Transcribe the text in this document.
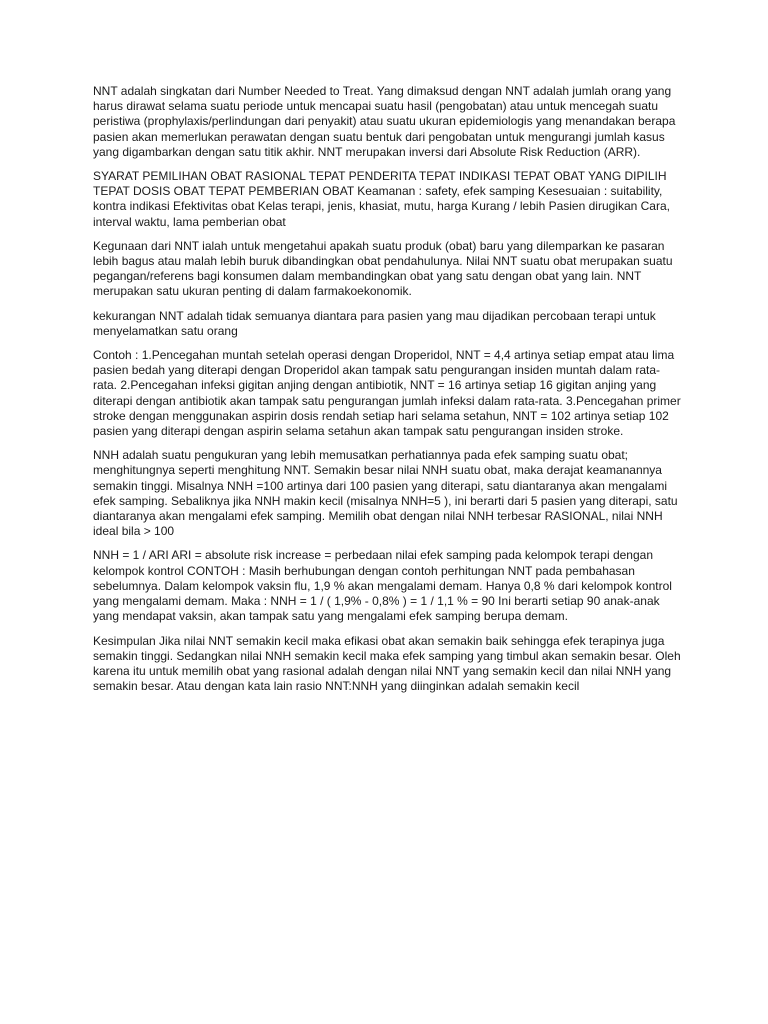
NNT adalah singkatan dari Number Needed to Treat. Yang dimaksud dengan NNT adalah jumlah orang yang harus dirawat selama suatu periode untuk mencapai suatu hasil (pengobatan) atau untuk mencegah suatu peristiwa (prophylaxis/perlindungan dari penyakit) atau suatu ukuran epidemiologis yang menandakan berapa pasien akan memerlukan perawatan dengan suatu bentuk dari pengobatan untuk mengurangi jumlah kasus yang digambarkan dengan satu titik akhir. NNT merupakan inversi dari Absolute Risk Reduction (ARR).

SYARAT PEMILIHAN OBAT RASIONAL TEPAT PENDERITA TEPAT INDIKASI TEPAT OBAT YANG DIPILIH TEPAT DOSIS OBAT TEPAT PEMBERIAN OBAT Keamanan : safety, efek samping Kesesuaian : suitability, kontra indikasi Efektivitas obat Kelas terapi, jenis, khasiat, mutu, harga Kurang / lebih Pasien dirugikan Cara, interval waktu, lama pemberian obat

Kegunaan dari NNT ialah untuk mengetahui apakah suatu produk (obat) baru yang dilemparkan ke pasaran lebih bagus atau malah lebih buruk dibandingkan obat pendahulunya. Nilai NNT suatu obat merupakan suatu pegangan/referens bagi konsumen dalam membandingkan obat yang satu dengan obat yang lain. NNT merupakan satu ukuran penting di dalam farmakoekonomik.

kekurangan NNT adalah tidak semuanya diantara para pasien yang mau dijadikan percobaan terapi untuk menyelamatkan satu orang

Contoh : 1.Pencegahan muntah setelah operasi dengan Droperidol, NNT = 4,4 artinya setiap empat atau lima pasien bedah yang diterapi dengan Droperidol akan tampak satu pengurangan insiden muntah dalam rata-rata. 2.Pencegahan infeksi gigitan anjing dengan antibiotik, NNT = 16 artinya setiap 16 gigitan anjing yang diterapi dengan antibiotik akan tampak satu pengurangan jumlah infeksi dalam rata-rata. 3.Pencegahan primer stroke dengan menggunakan aspirin dosis rendah setiap hari selama setahun, NNT = 102 artinya setiap 102 pasien yang diterapi dengan aspirin selama setahun akan tampak satu pengurangan insiden stroke.

NNH adalah suatu pengukuran yang lebih memusatkan perhatiannya pada efek samping suatu obat; menghitungnya seperti menghitung NNT. Semakin besar nilai NNH suatu obat, maka derajat keamanannya semakin tinggi. Misalnya NNH =100 artinya dari 100 pasien yang diterapi, satu diantaranya akan mengalami efek samping. Sebaliknya jika NNH makin kecil (misalnya NNH=5 ), ini berarti dari 5 pasien yang diterapi, satu diantaranya akan mengalami efek samping. Memilih obat dengan nilai NNH terbesar RASIONAL, nilai NNH ideal bila > 100

NNH = 1 / ARI ARI = absolute risk increase = perbedaan nilai efek samping pada kelompok terapi dengan kelompok kontrol CONTOH : Masih berhubungan dengan contoh perhitungan NNT pada pembahasan sebelumnya. Dalam kelompok vaksin flu, 1,9 % akan mengalami demam. Hanya 0,8 % dari kelompok kontrol yang mengalami demam. Maka : NNH = 1 / ( 1,9% - 0,8% ) = 1 / 1,1 % = 90 Ini berarti setiap 90 anak-anak yang mendapat vaksin, akan tampak satu yang mengalami efek samping berupa demam.

Kesimpulan Jika nilai NNT semakin kecil maka efikasi obat akan semakin baik sehingga efek terapinya juga semakin tinggi. Sedangkan nilai NNH semakin kecil maka efek samping yang timbul akan semakin besar. Oleh karena itu untuk memilih obat yang rasional adalah dengan nilai NNT yang semakin kecil dan nilai NNH yang semakin besar. Atau dengan kata lain rasio NNT:NNH yang diinginkan adalah semakin kecil
